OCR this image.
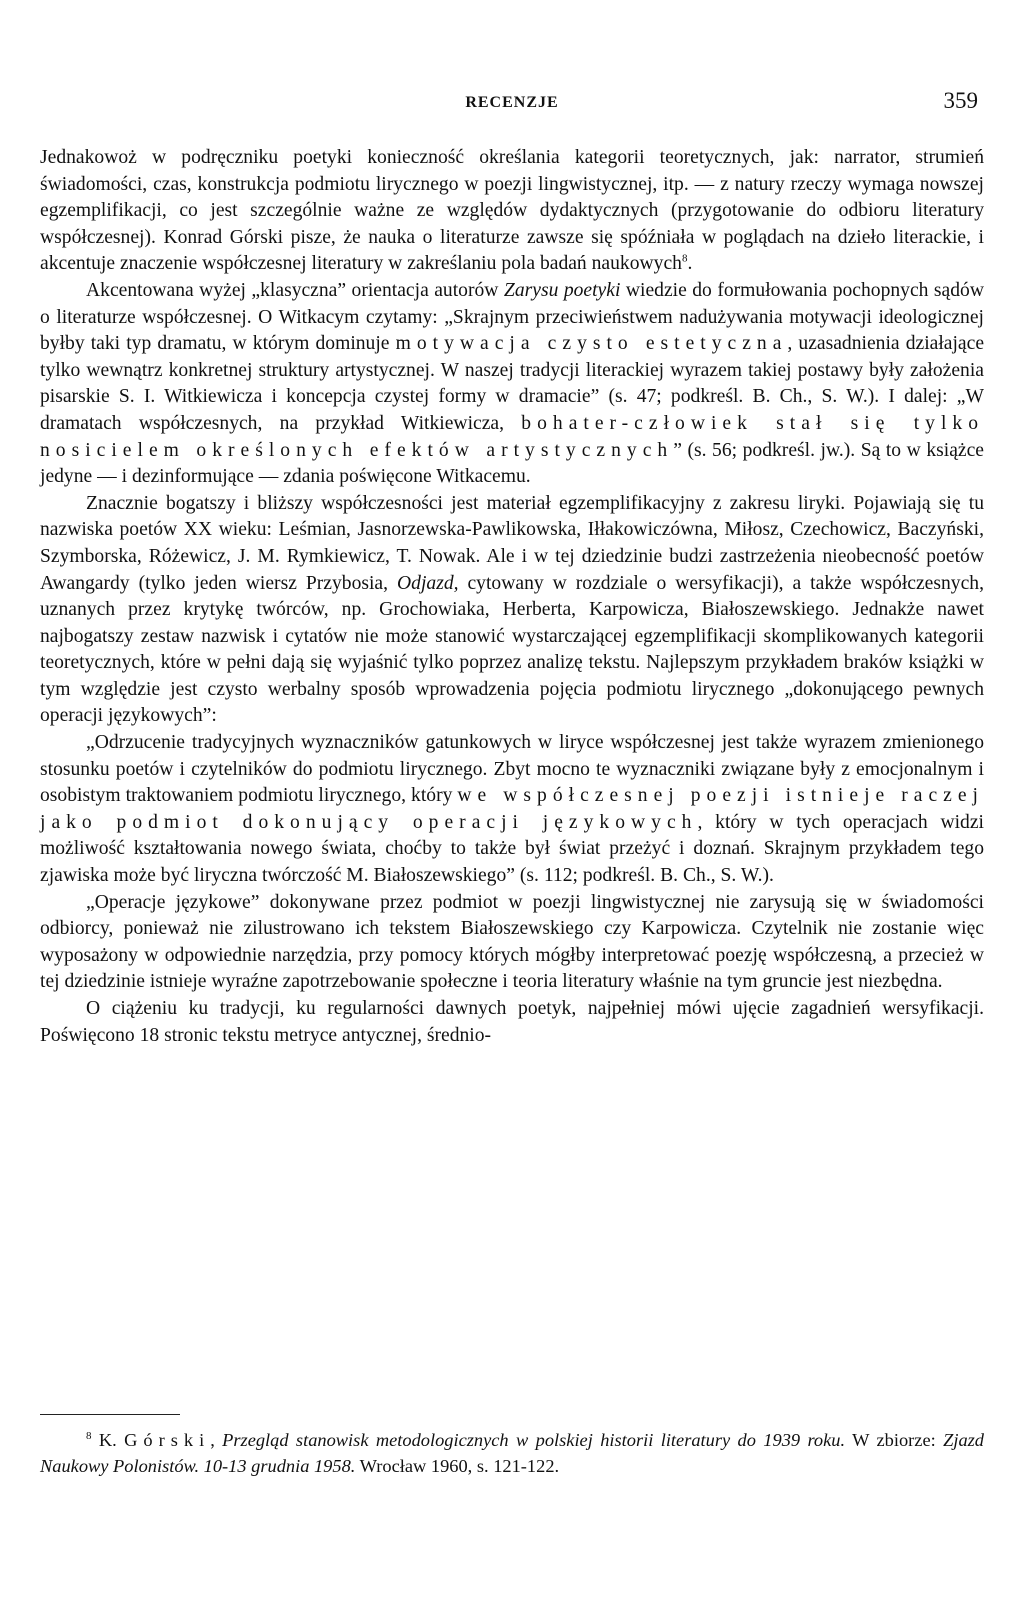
RECENZJE	359

Jednakowoż w podręczniku poetyki konieczność określania kategorii teoretycznych, jak: narrator, strumień świadomości, czas, konstrukcja podmiotu lirycznego w poezji lingwistycznej, itp. — z natury rzeczy wymaga nowszej egzemplifikacji, co jest szczególnie ważne ze względów dydaktycznych (przygotowanie do odbioru literatury współczesnej). Konrad Górski pisze, że nauka o literaturze zawsze się spóźniała w poglądach na dzieło literackie, i akcentuje znaczenie współczesnej literatury w zakreślaniu pola badań naukowych$^8$.

Akcentowana wyżej „klasyczna” orientacja autorów Zarysu poetyki wiedzie do formułowania pochopnych sądów o literaturze współczesnej. O Witkacym czytamy: „Skrajnym przeciwieństwem nadużywania motywacji ideologicznej byłby taki typ dramatu, w którym dominuje motywacja czysto estetyczna, uzasadnienia działające tylko wewnątrz konkretnej struktury artystycznej. W naszej tradycji literackiej wyrazem takiej postawy były założenia pisarskie S. I. Witkiewicza i koncepcja czystej formy w dramacie” (s. 47; podkreśl. B. Ch., S. W.). I dalej: „W dramatach współczesnych, na przykład Witkiewicza, bohater-człowiek stał się tylko nosicielem określonych efektów artystycznych” (s. 56; podkreśl. jw.). Są to w książce jedyne — i dezinformujące — zdania poświęcone Witkacemu.

Znacznie bogatszy i bliższy współczesności jest materiał egzemplifikacyjny z zakresu liryki. Pojawiają się tu nazwiska poetów XX wieku: Leśmian, Jasnorzewska-Pawlikowska, Iłłakowiczówna, Miłosz, Czechowicz, Baczyński, Szymborska, Różewicz, J. M. Rymkiewicz, T. Nowak. Ale i w tej dziedzinie budzi zastrzeżenia nieobecność poetów Awangardy (tylko jeden wiersz Przybosia, Odjazd, cytowany w rozdziale o wersyfikacji), a także współczesnych, uznanych przez krytykę twórców, np. Grochowiaka, Herberta, Karpowicza, Białoszewskiego. Jednakże nawet najbogatszy zestaw nazwisk i cytatów nie może stanowić wystarczającej egzemplifikacji skomplikowanych kategorii teoretycznych, które w pełni dają się wyjaśnić tylko poprzez analizę tekstu. Najlepszym przykładem braków książki w tym względzie jest czysto werbalny sposób wprowadzenia pojęcia podmiotu lirycznego „dokonującego pewnych operacji językowych”:

„Odrzucenie tradycyjnych wyznaczników gatunkowych w liryce współczesnej jest także wyrazem zmienionego stosunku poetów i czytelników do podmiotu lirycznego. Zbyt mocno te wyznaczniki związane były z emocjonalnym i osobistym traktowaniem podmiotu lirycznego, który we współczesnej poezji istnieje raczej jako podmiot dokonujący operacji językowych, który w tych operacjach widzi możliwość kształtowania nowego świata, choćby to także był świat przeżyć i doznań. Skrajnym przykładem tego zjawiska może być liryczna twórczość M. Białoszewskiego” (s. 112; podkreśl. B. Ch., S. W.).

„Operacje językowe” dokonywane przez podmiot w poezji lingwistycznej nie zarysują się w świadomości odbiorcy, ponieważ nie zilustrowano ich tekstem Białoszewskiego czy Karpowicza. Czytelnik nie zostanie więc wyposażony w odpowiednie narzędzia, przy pomocy których mógłby interpretować poezję współczesną, a przecież w tej dziedzinie istnieje wyraźne zapotrzebowanie społeczne i teoria literatury właśnie na tym gruncie jest niezbędna.

O ciążeniu ku tradycji, ku regularności dawnych poetyk, najpełniej mówi ujęcie zagadnień wersyfikacji. Poświęcono 18 stronic tekstu metryce antycznej, średnio-

$^8$ K. Górski, Przegląd stanowisk metodologicznych w polskiej historii literatury do 1939 roku. W zbiorze: Zjazd Naukowy Polonistów. 10-13 grudnia 1958. Wrocław 1960, s. 121-122.
